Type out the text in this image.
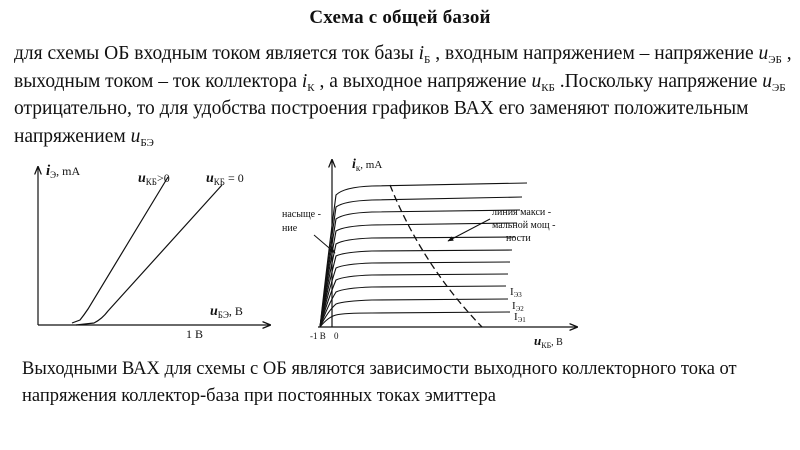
Схема с общей базой
для схемы ОБ входным током является ток базы $i_Б$ , входным напряжением – напряжение $u_{ЭБ}$ , выходным током – ток коллектора $i_К$ , а выходное напряжение $u_{КБ}$ .Поскольку напряжение $u_{ЭБ}$ отрицательно, то для удобства построения графиков ВАХ его заменяют положительным напряжением $u_{БЭ}$
$i_Э$, mA	$u_{КБ}>0$	$u_{КБ} = 0$
$u_{БЭ}$, В
1 В
$i_к$, mA
насыще -
ние
линия макси -
мальной мощ -
ности
IЭ3
IЭ2
IЭ1
-1 В 0	$u_{КБ}$, В
Выходными ВАХ для схемы с ОБ являются зависимости выходного коллекторного тока от напряжения коллектор-база при постоянных токах эмиттера
